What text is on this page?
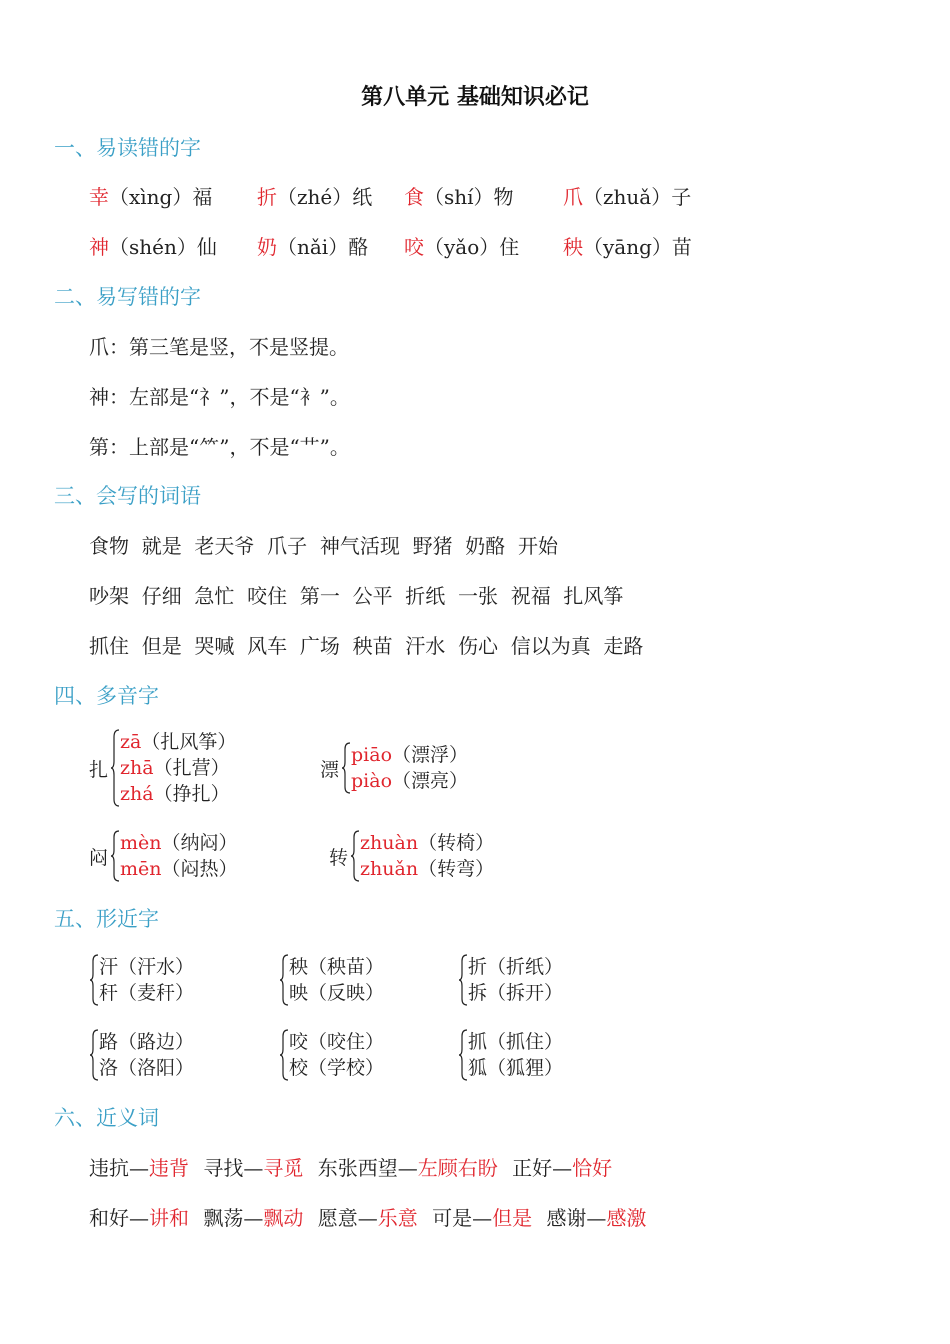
第八单元 基础知识必记
一、易读错的字
幸（xìng）福 折（zhé）纸 食（shí）物 爪（zhuǎ）子
神（shén）仙 奶（nǎi）酪 咬（yǎo）住 秧（yāng）苗
二、易写错的字
爪：第三笔是竖，不是竖提。
神：左部是“礻”，不是“衤”。
第：上部是“⺮”，不是“艹”。
三、会写的词语
食物  就是  老天爷  爪子  神气活现  野猪  奶酪  开始
吵架  仔细  急忙  咬住  第一  公平  折纸  一张  祝福  扎风筝
抓住  但是  哭喊  风车  广场  秧苗  汗水  伤心  信以为真  走路
四、多音字
扎
zā（扎风筝）
zhā（扎营）
zhá（挣扎）
漂
piāo（漂浮）
piào（漂亮）
闷
mèn（纳闷）
mēn（闷热）
转
zhuàn（转椅）
zhuǎn（转弯）
五、形近字
汗（汗水）
秆（麦秆）
秧（秧苗）
映（反映）
折（折纸）
拆（拆开）
路（路边）
洛（洛阳）
咬（咬住）
校（学校）
抓（抓住）
狐（狐狸）
六、近义词
违抗—违背 寻找—寻觅 东张西望—左顾右盼 正好—恰好
和好—讲和 飘荡—飘动 愿意—乐意 可是—但是 感谢—感激
